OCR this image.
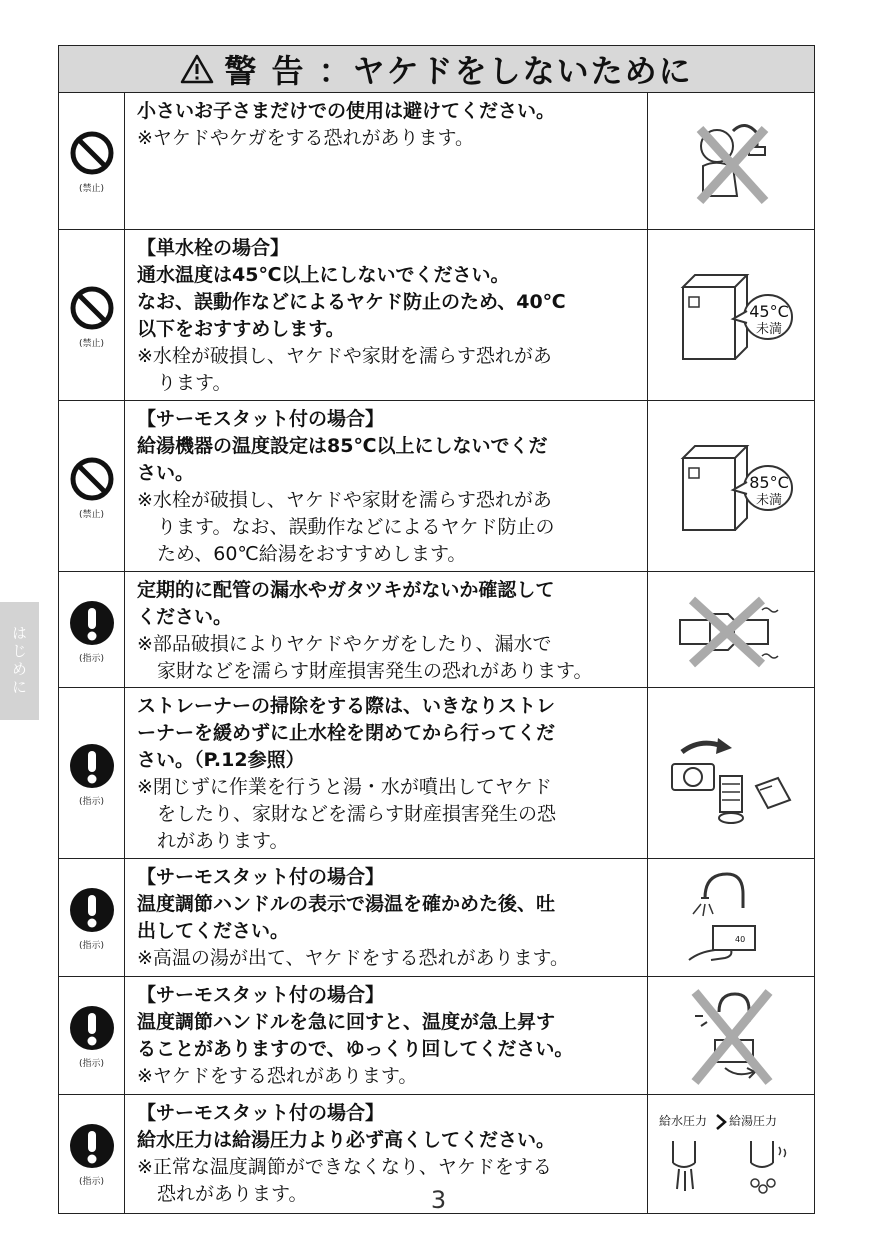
警 告 ：ヤケドをしないために
(禁止)
小さいお子さまだけでの使用は避けてください。
※ヤケドやケガをする恐れがあります。
(禁止)
【単水栓の場合】
通水温度は45℃以上にしないでください。
なお、誤動作などによるヤケド防止のため、40℃
以下をおすすめします。
※水栓が破損し、ヤケドや家財を濡らす恐れがあ
ります。
45°C
未満
(禁止)
【サーモスタット付の場合】
給湯機器の温度設定は85℃以上にしないでくだ
さい。
※水栓が破損し、ヤケドや家財を濡らす恐れがあ
ります。なお、誤動作などによるヤケド防止の
ため、60℃給湯をおすすめします。
85°C
未満
(指示)
定期的に配管の漏水やガタツキがないか確認して
ください。
※部品破損によりヤケドやケガをしたり、漏水で
家財などを濡らす財産損害発生の恐れがあります。
(指示)
ストレーナーの掃除をする際は、いきなりストレ
ーナーを緩めずに止水栓を閉めてから行ってくだ
さい。（P.12参照）
※閉じずに作業を行うと湯・水が噴出してヤケド
をしたり、家財などを濡らす財産損害発生の恐
れがあります。
(指示)
【サーモスタット付の場合】
温度調節ハンドルの表示で湯温を確かめた後、吐
出してください。
※高温の湯が出て、ヤケドをする恐れがあります。
40
(指示)
【サーモスタット付の場合】
温度調節ハンドルを急に回すと、温度が急上昇す
ることがありますので、ゆっくり回してください。
※ヤケドをする恐れがあります。
(指示)
【サーモスタット付の場合】
給水圧力は給湯圧力より必ず高くしてください。
※正常な温度調節ができなくなり、ヤケドをする
恐れがあります。
給水圧力 給湯圧力
はじめに
3
